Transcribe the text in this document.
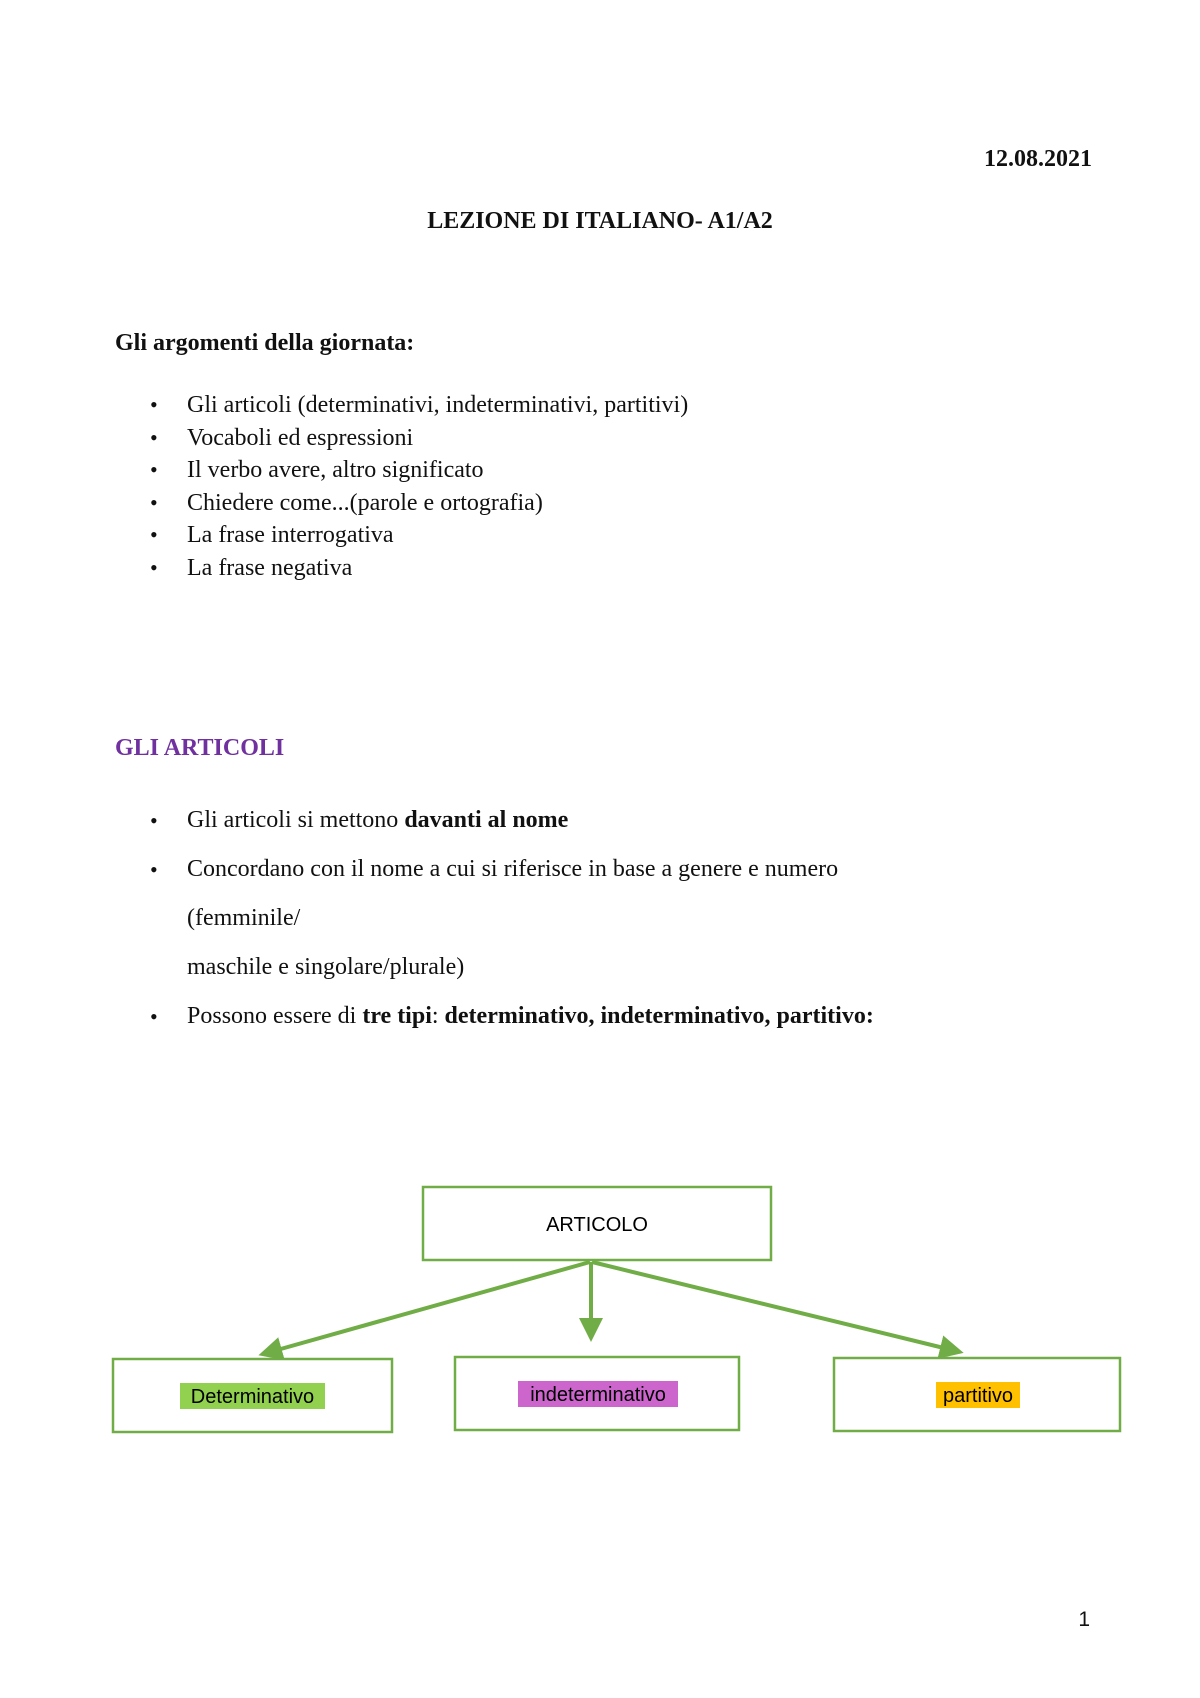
12.08.2021
LEZIONE DI ITALIANO- A1/A2
Gli argomenti della giornata:
• Gli articoli (determinativi, indeterminativi, partitivi)
• Vocaboli ed espressioni
• Il verbo avere, altro significato
• Chiedere come...(parole e ortografia)
• La frase interrogativa
• La frase negativa
GLI ARTICOLI
• Gli articoli si mettono davanti al nome
• Concordano con il nome a cui si riferisce in base a genere e numero
(femminile/
maschile e singolare/plurale)
• Possono essere di tre tipi: determinativo, indeterminativo, partitivo:
ARTICOLO
Determinativo	indeterminativo	partitivo
1
